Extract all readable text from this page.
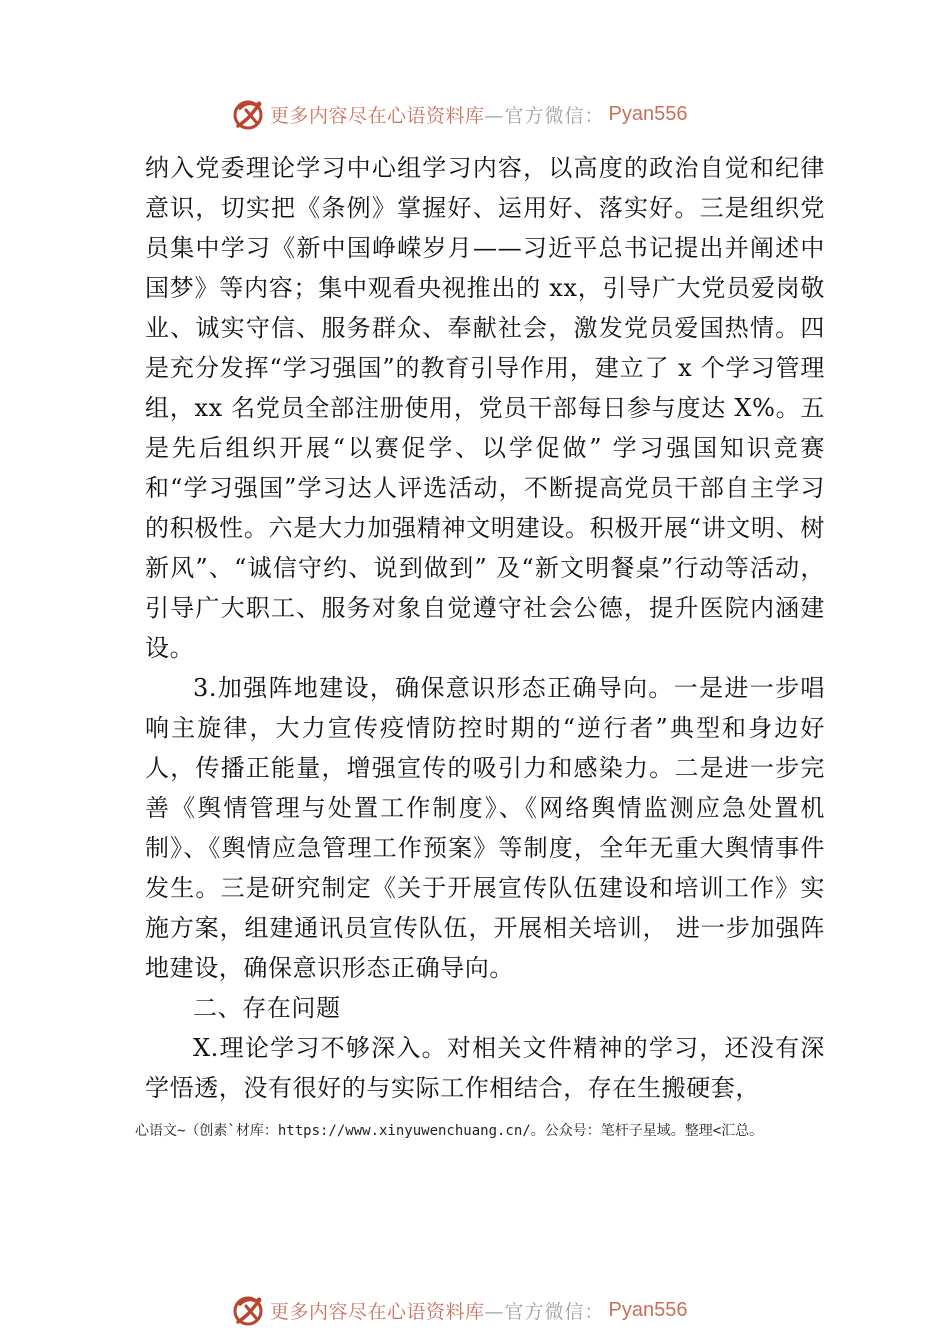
更多内容尽在心语资料库 —官方微信： Pyan556

纳入党委理论学习中心组学习内容，以高度的政治自觉和纪律意识，切实把《条例》掌握好、运用好、落实好。三是组织党员集中学习《新中国峥嵘岁月——习近平总书记提出并阐述中国梦》等内容；集中观看央视推出的 xx，引导广大党员爱岗敬业、诚实守信、服务群众、奉献社会，激发党员爱国热情。四是充分发挥“学习强国”的教育引导作用，建立了 x 个学习管理组，xx 名党员全部注册使用，党员干部每日参与度达 X%。五是先后组织开展“以赛促学、以学促做” 学习强国知识竞赛和“学习强国”学习达人评选活动，不断提高党员干部自主学习的积极性。六是大力加强精神文明建设。积极开展“讲文明、树新风”、“诚信守约、说到做到” 及“新文明餐桌”行动等活动，引导广大职工、服务对象自觉遵守社会公德，提升医院内涵建设。

3.加强阵地建设，确保意识形态正确导向。一是进一步唱响主旋律，大力宣传疫情防控时期的“逆行者”典型和身边好人，传播正能量，增强宣传的吸引力和感染力。二是进一步完善《舆情管理与处置工作制度》、《网络舆情监测应急处置机制》、《舆情应急管理工作预案》等制度，全年无重大舆情事件发生。三是研究制定《关于开展宣传队伍建设和培训工作》实施方案，组建通讯员宣传队伍，开展相关培训， 进一步加强阵地建设，确保意识形态正确导向。

二、存在问题

X.理论学习不够深入。对相关文件精神的学习，还没有深学悟透，没有很好的与实际工作相结合，存在生搬硬套，

心语文~（创素`材库：https://www.xinyuwenchuang.cn/。公众号：笔杆子星域。整理<汇总。
更多内容尽在心语资料库 —官方微信： Pyan556
